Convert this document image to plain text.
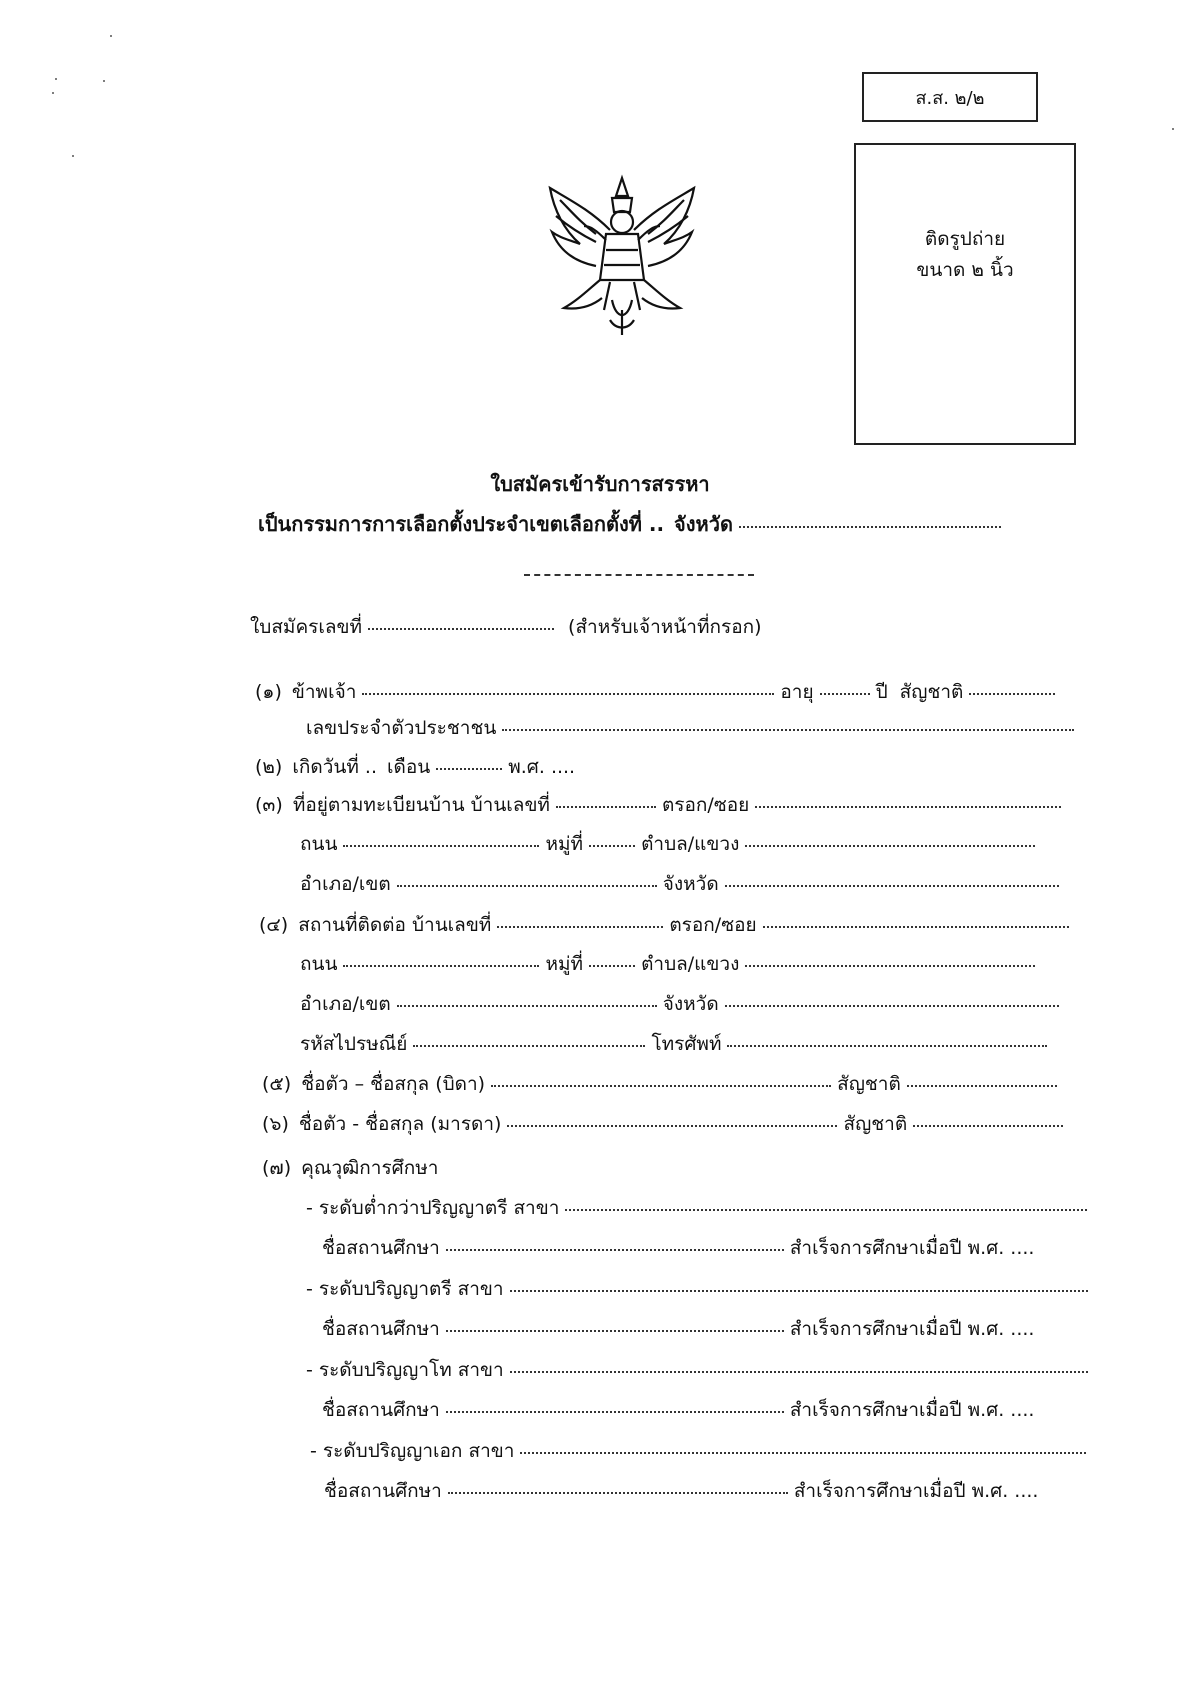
ส.ส. ๒/๒
ติดรูปถ่าย
ขนาด ๒ นิ้ว
ใบสมัครเข้ารับการสรรหา
เป็นกรรมการการเลือกตั้งประจำเขตเลือกตั้งที่ .. จังหวัด
ใบสมัครเลขที่	(สำหรับเจ้าหน้าที่กรอก)
(๑) ข้าพเจ้า	อายุ	ปี สัญชาติ
เลขประจำตัวประชาชน
(๒) เกิดวันที่ .. เดือน	พ.ศ. ....
(๓) ที่อยู่ตามทะเบียนบ้าน บ้านเลขที่	ตรอก/ซอย
ถนน	หมู่ที่	ตำบล/แขวง
อำเภอ/เขต	จังหวัด
(๔) สถานที่ติดต่อ บ้านเลขที่	ตรอก/ซอย
ถนน	หมู่ที่	ตำบล/แขวง
อำเภอ/เขต	จังหวัด
รหัสไปรษณีย์	โทรศัพท์
(๕) ชื่อตัว – ชื่อสกุล (บิดา)	สัญชาติ
(๖) ชื่อตัว - ชื่อสกุล (มารดา)	สัญชาติ
(๗) คุณวุฒิการศึกษา
- ระดับต่ำกว่าปริญญาตรี สาขา
ชื่อสถานศึกษา	สำเร็จการศึกษาเมื่อปี พ.ศ. ....
- ระดับปริญญาตรี สาขา
ชื่อสถานศึกษา	สำเร็จการศึกษาเมื่อปี พ.ศ. ....
- ระดับปริญญาโท สาขา
ชื่อสถานศึกษา	สำเร็จการศึกษาเมื่อปี พ.ศ. ....
- ระดับปริญญาเอก สาขา
ชื่อสถานศึกษา	สำเร็จการศึกษาเมื่อปี พ.ศ. ....
